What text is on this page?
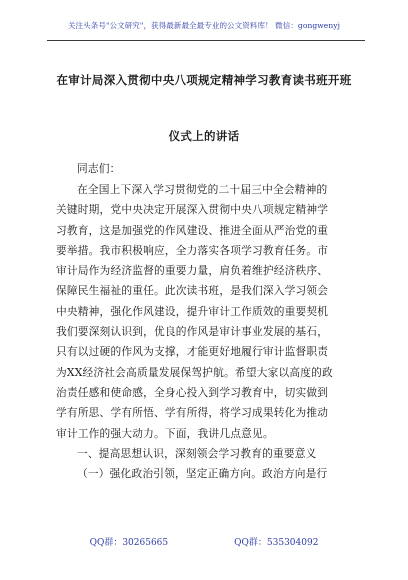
关注头条号"公文研究"，获得最新最全最专业的公文资料库！ 微信：gongwenyj
在审计局深入贯彻中央八项规定精神学习教育读书班开班
仪式上的讲话
同志们：
在全国上下深入学习贯彻党的二十届三中全会精神的
关键时期，党中央决定开展深入贯彻中央八项规定精神学
习教育，这是加强党的作风建设、推进全面从严治党的重
要举措。我市积极响应，全力落实各项学习教育任务。市
审计局作为经济监督的重要力量，肩负着维护经济秩序、
保障民生福祉的重任。此次读书班，是我们深入学习领会
中央精神，强化作风建设，提升审计工作质效的重要契机
我们要深刻认识到，优良的作风是审计事业发展的基石，
只有以过硬的作风为支撑，才能更好地履行审计监督职责
为XX经济社会高质量发展保驾护航。希望大家以高度的政
治责任感和使命感，全身心投入到学习教育中，切实做到
学有所思、学有所悟、学有所得，将学习成果转化为推动
审计工作的强大动力。下面，我讲几点意见。
一、提高思想认识，深刻领会学习教育的重要意义
（一）强化政治引领，坚定正确方向。政治方向是行
QQ群：30265665	QQ群：535304092
